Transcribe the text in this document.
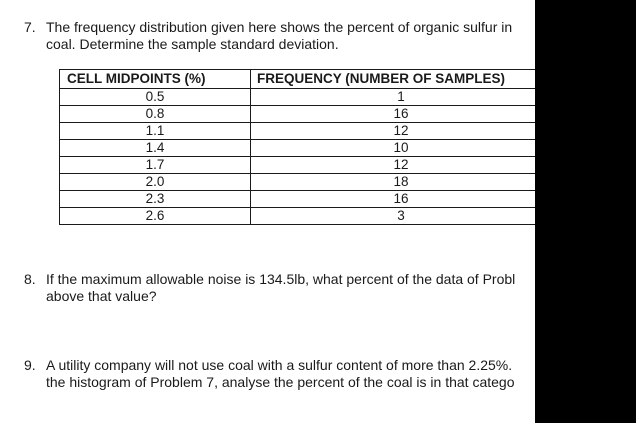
7. The frequency distribution given here shows the percent of organic sulfur in
coal. Determine the sample standard deviation.
CELL MIDPOINTS (%)	FREQUENCY (NUMBER OF SAMPLES)
0.5	1
0.8	16
1.1	12
1.4	10
1.7	12
2.0	18
2.3	16
2.6	3
8. If the maximum allowable noise is 134.5lb, what percent of the data of Probl
above that value?
9. A utility company will not use coal with a sulfur content of more than 2.25%.
the histogram of Problem 7, analyse the percent of the coal is in that catego
